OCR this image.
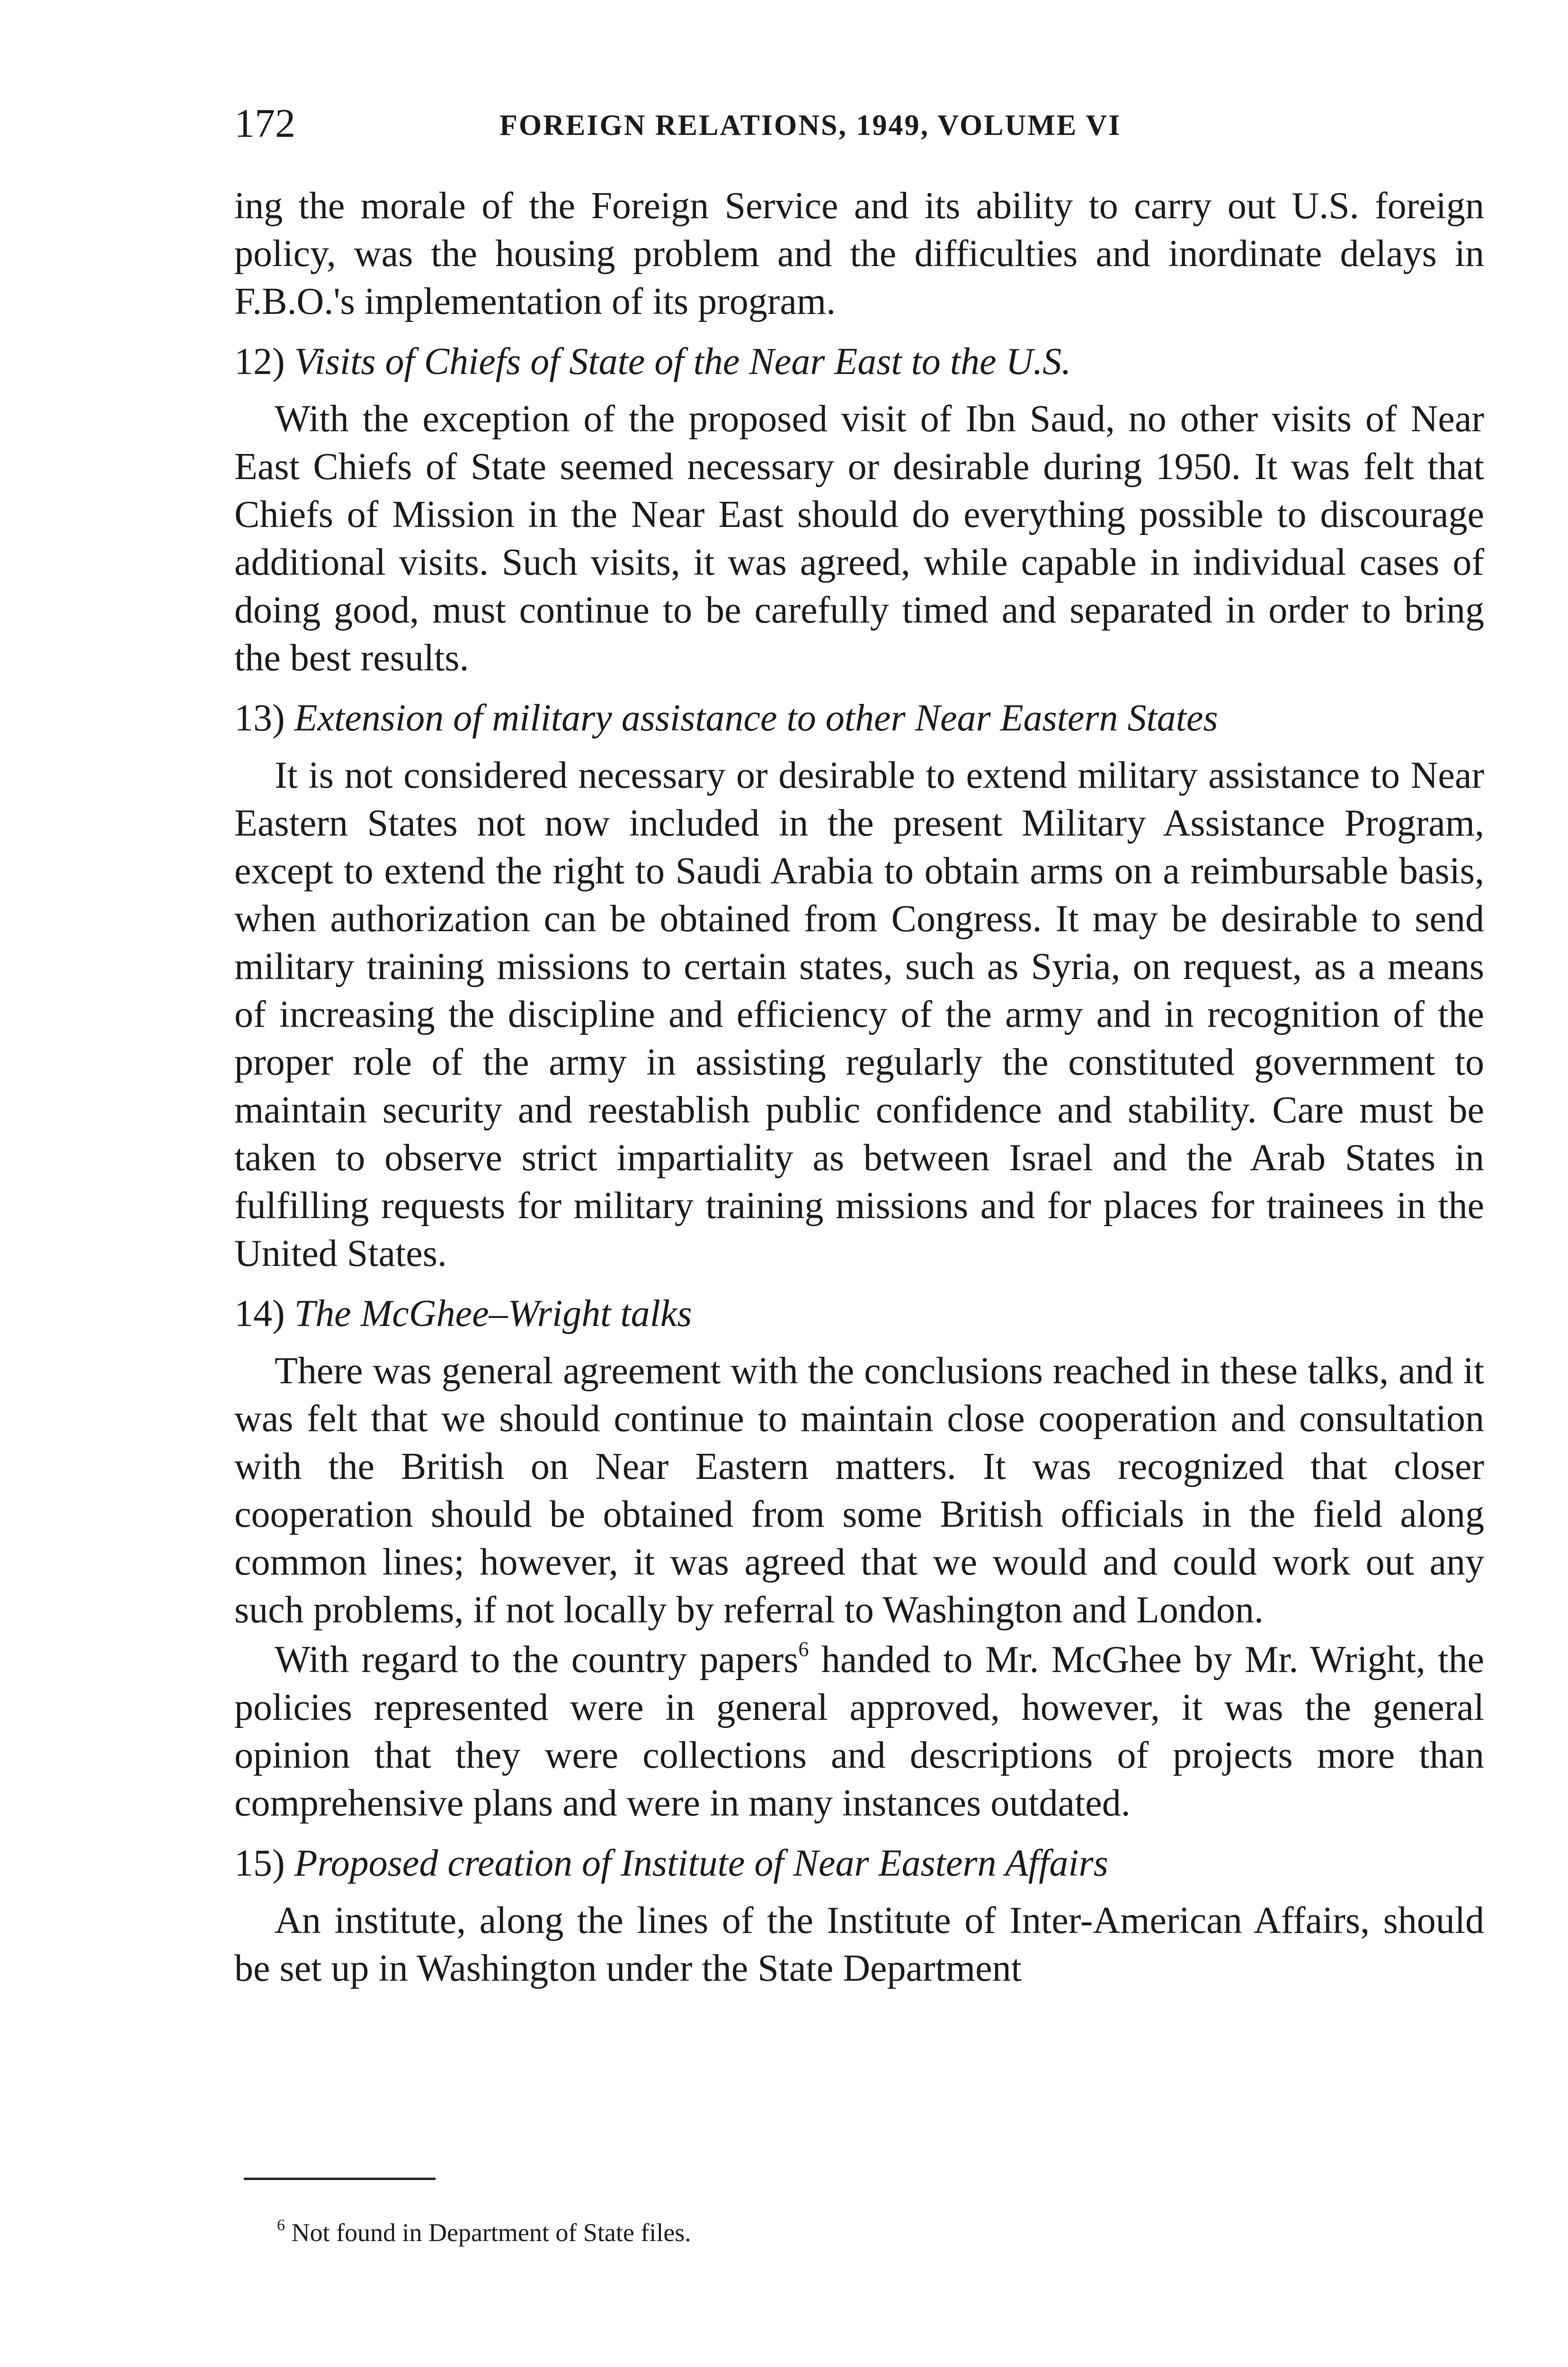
172	FOREIGN RELATIONS, 1949, VOLUME VI

ing the morale of the Foreign Service and its ability to carry out U.S. foreign policy, was the housing problem and the difficulties and inordinate delays in F.B.O.'s implementation of its program.

12) Visits of Chiefs of State of the Near East to the U.S.

With the exception of the proposed visit of Ibn Saud, no other visits of Near East Chiefs of State seemed necessary or desirable during 1950. It was felt that Chiefs of Mission in the Near East should do everything possible to discourage additional visits. Such visits, it was agreed, while capable in individual cases of doing good, must continue to be carefully timed and separated in order to bring the best results.

13) Extension of military assistance to other Near Eastern States

It is not considered necessary or desirable to extend military assistance to Near Eastern States not now included in the present Military Assistance Program, except to extend the right to Saudi Arabia to obtain arms on a reimbursable basis, when authorization can be obtained from Congress. It may be desirable to send military training missions to certain states, such as Syria, on request, as a means of increasing the discipline and efficiency of the army and in recognition of the proper role of the army in assisting regularly the constituted government to maintain security and reestablish public confidence and stability. Care must be taken to observe strict impartiality as between Israel and the Arab States in fulfilling requests for military training missions and for places for trainees in the United States.

14) The McGhee–Wright talks

There was general agreement with the conclusions reached in these talks, and it was felt that we should continue to maintain close cooperation and consultation with the British on Near Eastern matters. It was recognized that closer cooperation should be obtained from some British officials in the field along common lines; however, it was agreed that we would and could work out any such problems, if not locally by referral to Washington and London.

With regard to the country papers$^6$ handed to Mr. McGhee by Mr. Wright, the policies represented were in general approved, however, it was the general opinion that they were collections and descriptions of projects more than comprehensive plans and were in many instances outdated.

15) Proposed creation of Institute of Near Eastern Affairs

An institute, along the lines of the Institute of Inter-American Affairs, should be set up in Washington under the State Department

$^6$ Not found in Department of State files.
